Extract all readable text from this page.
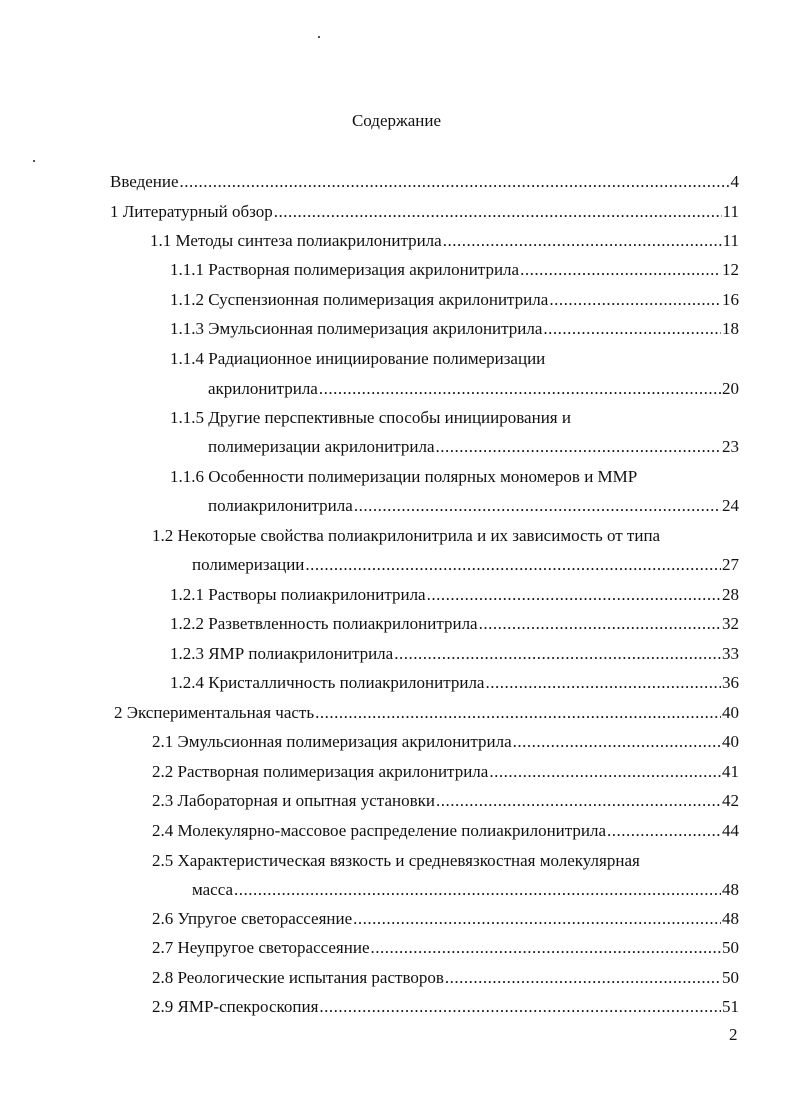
Содержание
Введение .....	4
1 Литературный обзор .....	11
1.1 Методы синтеза полиакрилонитрила .....	11
1.1.1 Растворная полимеризация акрилонитрила .....	12
1.1.2 Суспензионная полимеризация акрилонитрила .....	16
1.1.3 Эмульсионная полимеризация акрилонитрила .....	18
1.1.4 Радиационное инициирование полимеризации
акрилонитрила .....	20
1.1.5 Другие перспективные способы инициирования и
полимеризации акрилонитрила .....	23
1.1.6 Особенности полимеризации полярных мономеров и ММР
полиакрилонитрила .....	24
1.2 Некоторые свойства полиакрилонитрила и их зависимость от типа
полимеризации .....	27
1.2.1 Растворы полиакрилонитрила .....	28
1.2.2 Разветвленность полиакрилонитрила .....	32
1.2.3 ЯМР полиакрилонитрила .....	33
1.2.4 Кристалличность полиакрилонитрила .....	36
2 Экспериментальная часть .....	40
2.1 Эмульсионная полимеризация акрилонитрила .....	40
2.2 Растворная полимеризация акрилонитрила .....	41
2.3 Лабораторная и опытная установки .....	42
2.4 Молекулярно-массовое распределение полиакрилонитрила .....	44
2.5 Характеристическая вязкость и средневязкостная молекулярная
масса .....	48
2.6 Упругое светорассеяние .....	48
2.7 Неупругое светорассеяние .....	50
2.8 Реологические испытания растворов .....	50
2.9 ЯМР-спекроскопия .....	51
2
